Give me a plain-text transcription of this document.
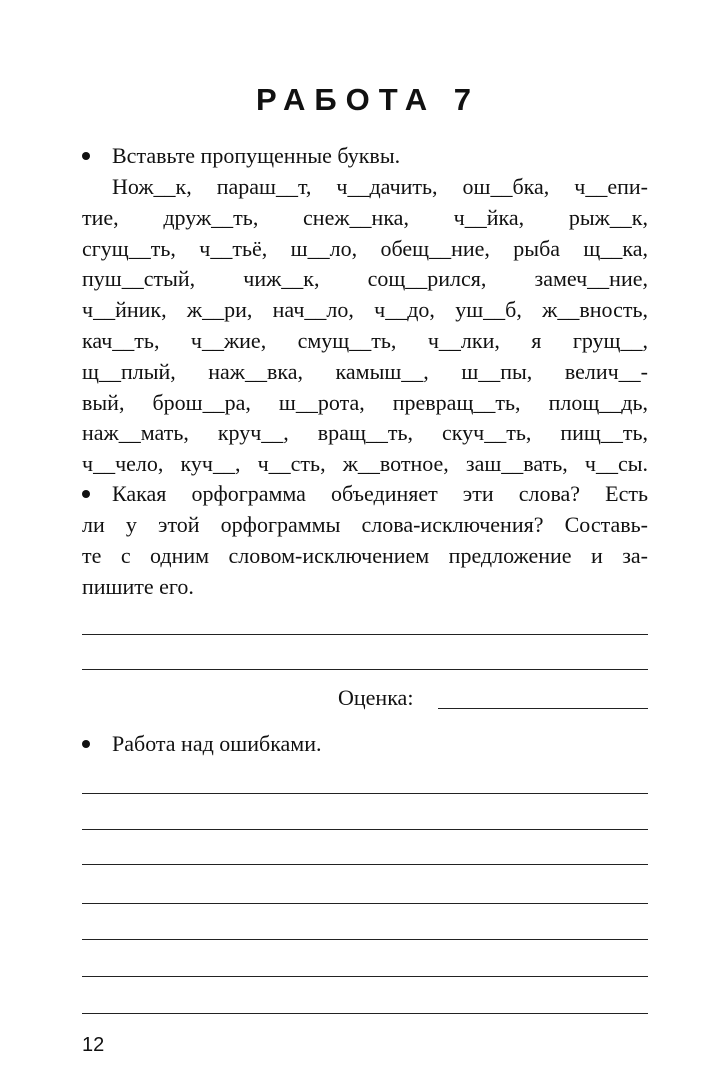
РАБОТА 7
Вставьте пропущенные буквы.
Нож__к, параш__т, ч__дачить, ош__бка, ч__епи-
тие, друж__ть, снеж__нка, ч__йка, рыж__к,
сгущ__ть, ч__тьё, ш__ло, обещ__ние, рыба щ__ка,
пуш__стый, чиж__к, сощ__рился, замеч__ние,
ч__йник, ж__ри, нач__ло, ч__до, уш__б, ж__вность,
кач__ть, ч__жие, смущ__ть, ч__лки, я грущ__,
щ__плый, наж__вка, камыш__, ш__пы, велич__-
вый, брош__ра, ш__рота, превращ__ть, площ__дь,
наж__мать, круч__, вращ__ть, скуч__ть, пищ__ть,
ч__чело, куч__, ч__сть, ж__вотное, заш__вать, ч__сы.
Какая орфограмма объединяет эти слова? Есть
ли у этой орфограммы слова-исключения? Составь-
те с одним словом-исключением предложение и за-
пишите его.
Оценка:
Работа над ошибками.
12
